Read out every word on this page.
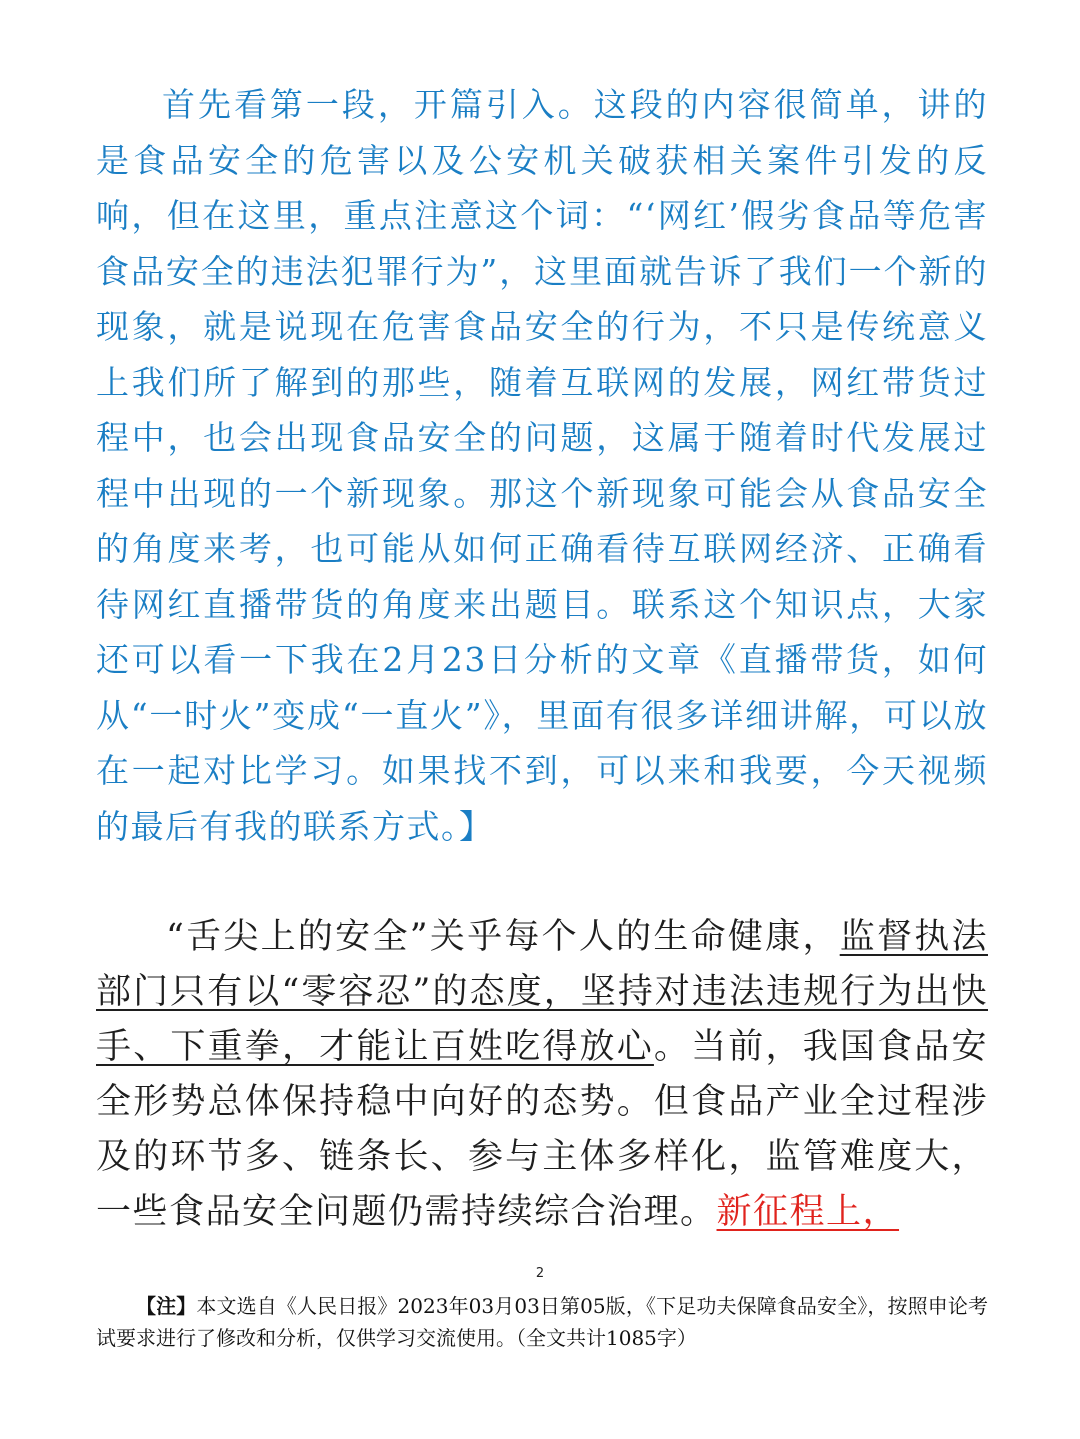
首先看第一段，开篇引入。这段的内容很简单，讲的是食品安全的危害以及公安机关破获相关案件引发的反响，但在这里，重点注意这个词：“‘网红’假劣食品等危害食品安全的违法犯罪行为”，这里面就告诉了我们一个新的现象，就是说现在危害食品安全的行为，不只是传统意义上我们所了解到的那些，随着互联网的发展，网红带货过程中，也会出现食品安全的问题，这属于随着时代发展过程中出现的一个新现象。那这个新现象可能会从食品安全的角度来考，也可能从如何正确看待互联网经济、正确看待网红直播带货的角度来出题目。联系这个知识点，大家还可以看一下我在2月23日分析的文章《直播带货，如何从“一时火”变成“一直火”》，里面有很多详细讲解，可以放在一起对比学习。如果找不到，可以来和我要，今天视频的最后有我的联系方式。】

“舌尖上的安全”关乎每个人的生命健康，监督执法部门只有以“零容忍”的态度，坚持对违法违规行为出快手、下重拳，才能让百姓吃得放心。当前，我国食品安全形势总体保持稳中向好的态势。但食品产业全过程涉及的环节多、链条长、参与主体多样化，监管难度大，一些食品安全问题仍需持续综合治理。新征程上，

2

【注】本文选自《人民日报》2023年03月03日第05版，《下足功夫保障食品安全》，按照申论考试要求进行了修改和分析，仅供学习交流使用。（全文共计1085字）
